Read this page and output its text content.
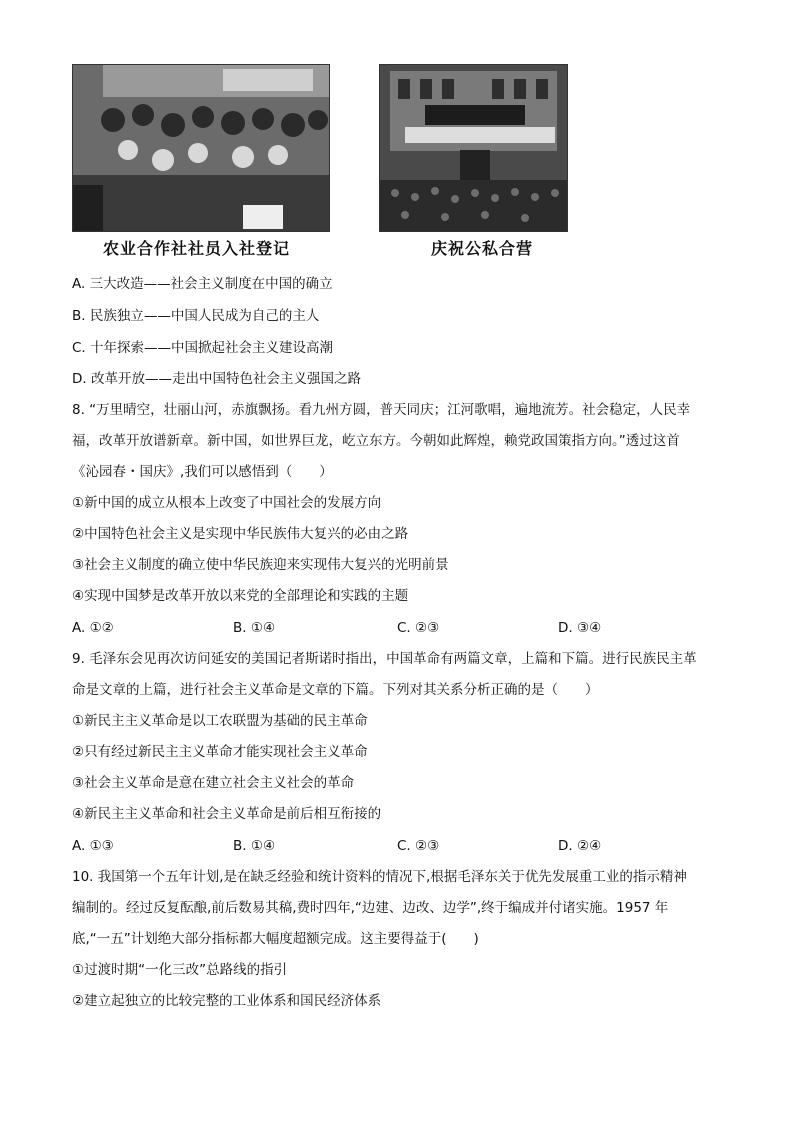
农业合作社社员入社登记	庆祝公私合营
A. 三大改造——社会主义制度在中国的确立
B. 民族独立——中国人民成为自己的主人
C. 十年探索——中国掀起社会主义建设高潮
D. 改革开放——走出中国特色社会主义强国之路
8. “万里晴空，壮丽山河，赤旗飘扬。看九州方圆，普天同庆；江河歌唱，遍地流芳。社会稳定，人民幸
福，改革开放谱新章。新中国，如世界巨龙，屹立东方。今朝如此辉煌，赖党政国策指方向。”透过这首
《沁园春・国庆》,我们可以感悟到（　　）
①新中国的成立从根本上改变了中国社会的发展方向
②中国特色社会主义是实现中华民族伟大复兴的必由之路
③社会主义制度的确立使中华民族迎来实现伟大复兴的光明前景
④实现中国梦是改革开放以来党的全部理论和实践的主题
A. ①②	B. ①④	C. ②③	D. ③④
9. 毛泽东会见再次访问延安的美国记者斯诺时指出，中国革命有两篇文章，上篇和下篇。进行民族民主革
命是文章的上篇，进行社会主义革命是文章的下篇。下列对其关系分析正确的是（　　）
①新民主主义革命是以工农联盟为基础的民主革命
②只有经过新民主主义革命才能实现社会主义革命
③社会主义革命是意在建立社会主义社会的革命
④新民主主义革命和社会主义革命是前后相互衔接的
A. ①③	B. ①④	C. ②③	D. ②④
10. 我国第一个五年计划,是在缺乏经验和统计资料的情况下,根据毛泽东关于优先发展重工业的指示精神
编制的。经过反复酝酿,前后数易其稿,费时四年,“边建、边改、边学”,终于编成并付诸实施。1957 年
底,“一五”计划绝大部分指标都大幅度超额完成。这主要得益于(　　)
①过渡时期“一化三改”总路线的指引
②建立起独立的比较完整的工业体系和国民经济体系
